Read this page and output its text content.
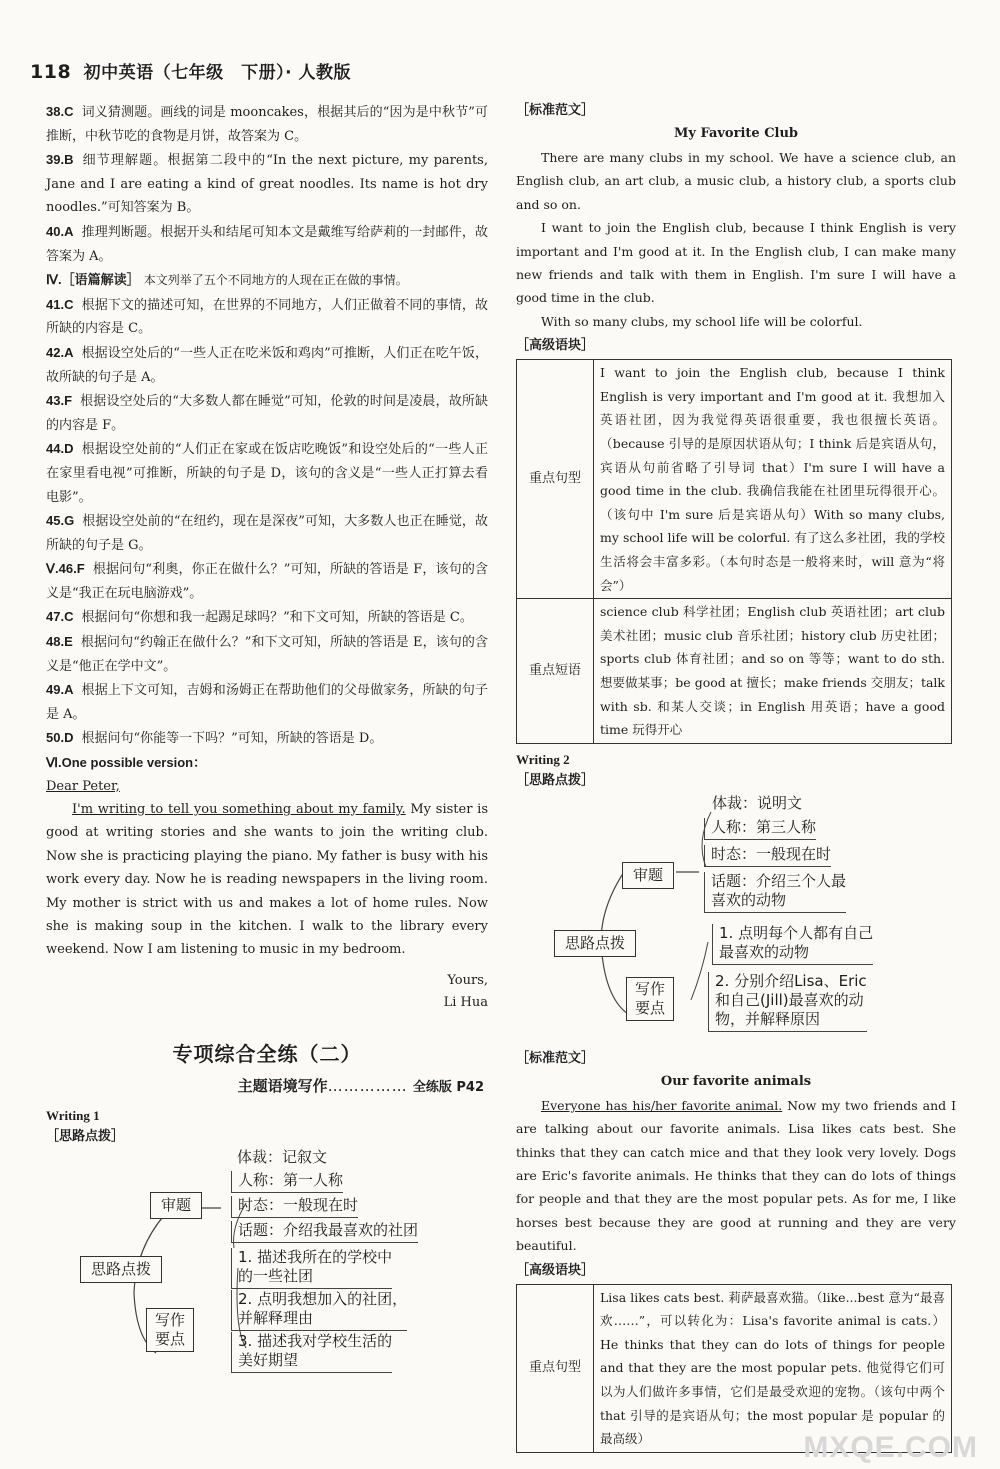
118 初中英语（七年级　下册）· 人教版

38.C 词义猜测题。画线的词是 mooncakes，根据其后的“因为是中秋节”可推断，中秋节吃的食物是月饼，故答案为 C。

39.B 细节理解题。根据第二段中的“In the next picture, my parents, Jane and I are eating a kind of great noodles. Its name is hot dry noodles.”可知答案为 B。

40.A 推理判断题。根据开头和结尾可知本文是戴维写给萨莉的一封邮件，故答案为 A。

Ⅳ.［语篇解读］ 本文列举了五个不同地方的人现在正在做的事情。

41.C 根据下文的描述可知，在世界的不同地方，人们正做着不同的事情，故所缺的内容是 C。

42.A 根据设空处后的“一些人正在吃米饭和鸡肉”可推断，人们正在吃午饭，故所缺的句子是 A。

43.F 根据设空处后的“大多数人都在睡觉”可知，伦敦的时间是凌晨，故所缺的内容是 F。

44.D 根据设空处前的“人们正在家或在饭店吃晚饭”和设空处后的“一些人正在家里看电视”可推断，所缺的句子是 D，该句的含义是“一些人正打算去看电影”。

45.G 根据设空处前的“在纽约，现在是深夜”可知，大多数人也正在睡觉，故所缺的句子是 G。

Ⅴ.46.F 根据问句“利奥，你正在做什么？”可知，所缺的答语是 F，该句的含义是“我正在玩电脑游戏”。

47.C 根据问句“你想和我一起踢足球吗？”和下文可知，所缺的答语是 C。

48.E 根据问句“约翰正在做什么？”和下文可知，所缺的答语是 E，该句的含义是“他正在学中文”。

49.A 根据上下文可知，吉姆和汤姆正在帮助他们的父母做家务，所缺的句子是 A。

50.D 根据问句“你能等一下吗？”可知，所缺的答语是 D。

Ⅵ.One possible version：

Dear Peter,

I'm writing to tell you something about my family. My sister is good at writing stories and she wants to join the writing club. Now she is practicing playing the piano. My father is busy with his work every day. Now he is reading newspapers in the living room. My mother is strict with us and makes a lot of home rules. Now she is making soup in the kitchen. I walk to the library every weekend. Now I am listening to music in my bedroom.

Yours,
Li Hua
专项综合全练（二）
主题语境写作…………… 全练版 P42
Writing 1
［思路点拨］
体裁：记叙文
人称：第一人称
时态：一般现在时
话题：介绍我最喜欢的社团
审题
思路点拨
写作
要点
1. 描述我所在的学校中
的一些社团
2. 点明我想加入的社团，
并解释理由
3. 描述我对学校生活的
美好期望
［标准范文］
My Favorite Club

There are many clubs in my school. We have a science club, an English club, an art club, a music club, a history club, a sports club and so on.

I want to join the English club, because I think English is very important and I'm good at it. In the English club, I can make many new friends and talk with them in English. I'm sure I will have a good time in the club.

With so many clubs, my school life will be colorful.

［高级语块］
重点句型	I want to join the English club, because I think English is very important and I'm good at it. 我想加入英语社团，因为我觉得英语很重要，我也很擅长英语。（because 引导的是原因状语从句；I think 后是宾语从句，宾语从句前省略了引导词 that）I'm sure I will have a good time in the club. 我确信我能在社团里玩得很开心。（该句中 I'm sure 后是宾语从句）With so many clubs, my school life will be colorful. 有了这么多社团，我的学校生活将会丰富多彩。（本句时态是一般将来时，will 意为“将会”）
重点短语	science club 科学社团；English club 英语社团；art club 美术社团；music club 音乐社团；history club 历史社团；sports club 体育社团；and so on 等等；want to do sth. 想要做某事；be good at 擅长；make friends 交朋友；talk with sb. 和某人交谈；in English 用英语；have a good time 玩得开心
Writing 2
［思路点拨］
体裁：说明文
人称：第三人称
时态：一般现在时
话题：介绍三个人最
喜欢的动物
审题
思路点拨
写作
要点
1. 点明每个人都有自己
最喜欢的动物
2. 分别介绍Lisa、Eric
和自己(Jill)最喜欢的动
物，并解释原因
［标准范文］
Our favorite animals

Everyone has his/her favorite animal. Now my two friends and I are talking about our favorite animals. Lisa likes cats best. She thinks that they can catch mice and that they look very lovely. Dogs are Eric's favorite animals. He thinks that they can do lots of things for people and that they are the most popular pets. As for me, I like horses best because they are good at running and they are very beautiful.

［高级语块］
重点句型	Lisa likes cats best. 莉萨最喜欢猫。（like...best 意为“最喜欢……”，可以转化为：Lisa's favorite animal is cats.）He thinks that they can do lots of things for people and that they are the most popular pets. 他觉得它们可以为人们做许多事情，它们是最受欢迎的宠物。（该句中两个 that 引导的是宾语从句；the most popular 是 popular 的最高级）	MXQE.COM
